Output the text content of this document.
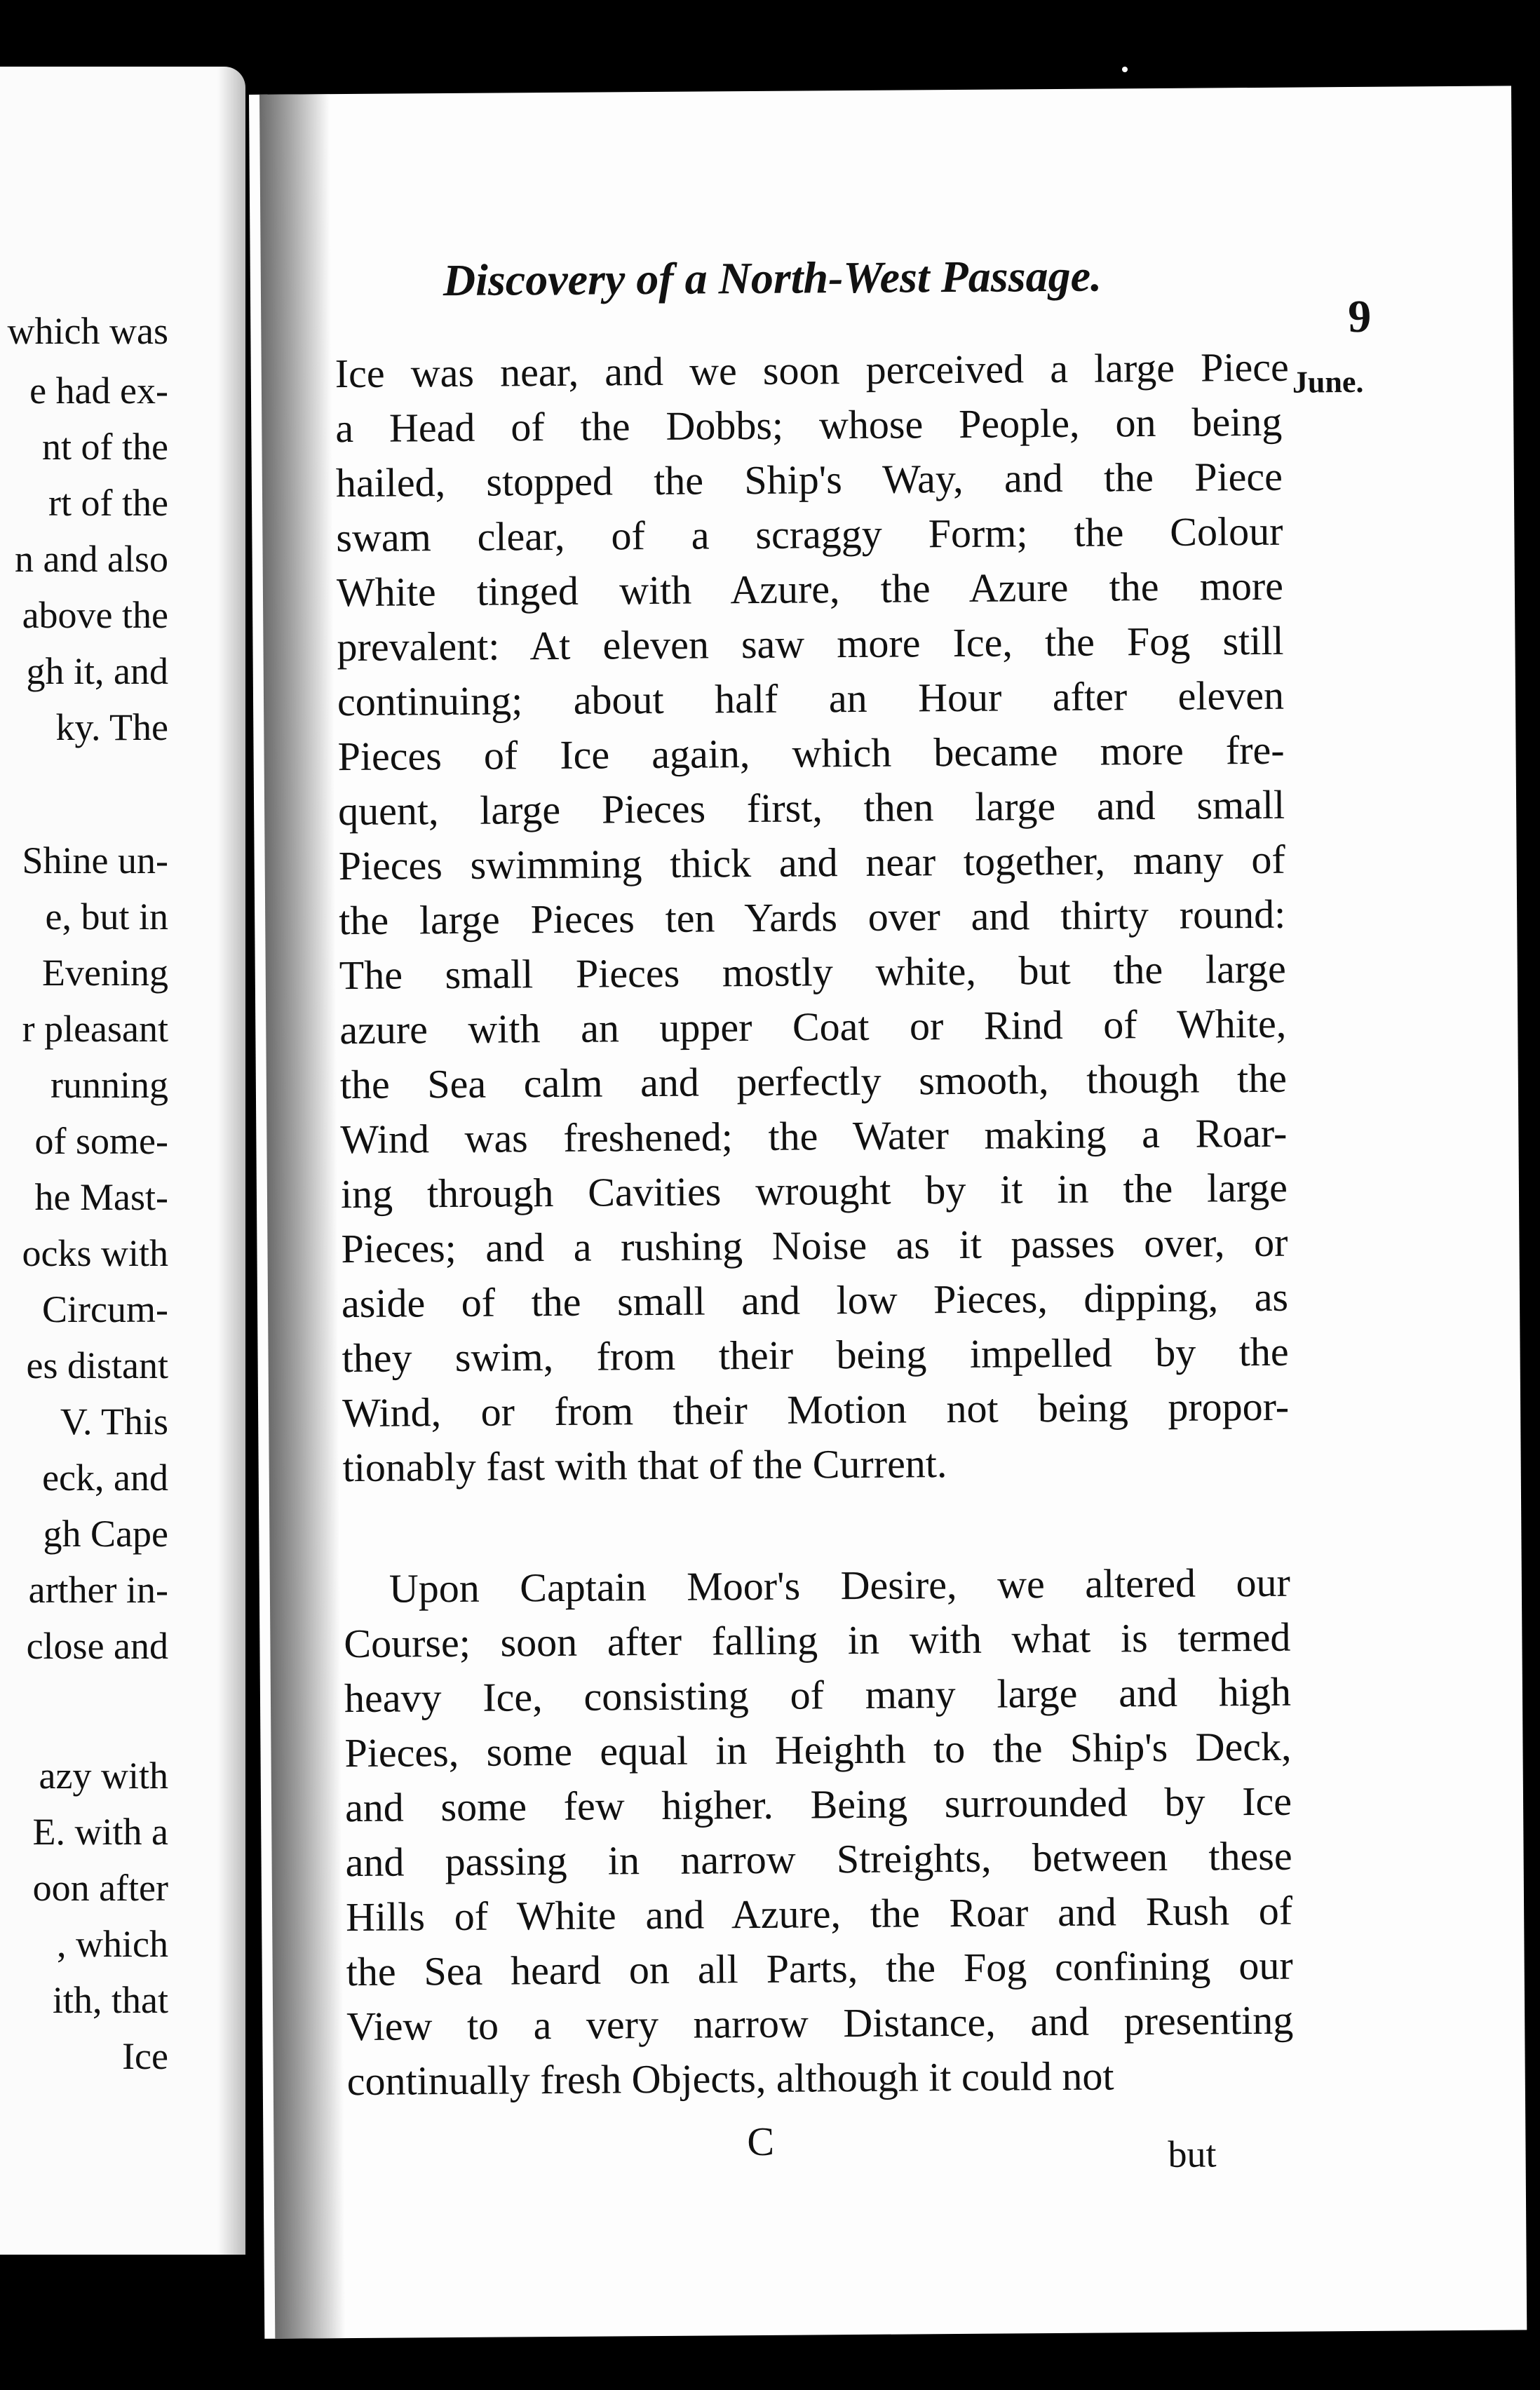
which was
e had ex-
nt of the
rt of the
n and also
above the
gh it, and
ky. The
Shine un-
e, but in
Evening
r pleasant
running
of some-
he Mast-
ocks with
Circum-
es distant
V. This
eck, and
gh Cape
arther in-
close and
azy with
E. with a
oon after
, which
ith, that
Ice
Discovery of a North-West Passage.
9
June.
Ice was near, and we soon perceived a large Piece
a Head of the Dobbs; whose People, on being
hailed, stopped the Ship's Way, and the Piece
swam clear, of a scraggy Form; the Colour
White tinged with Azure, the Azure the more
prevalent: At eleven saw more Ice, the Fog still
continuing; about half an Hour after eleven
Pieces of Ice again, which became more fre-
quent, large Pieces first, then large and small
Pieces swimming thick and near together, many of
the large Pieces ten Yards over and thirty round:
The small Pieces mostly white, but the large
azure with an upper Coat or Rind of White,
the Sea calm and perfectly smooth, though the
Wind was freshened; the Water making a Roar-
ing through Cavities wrought by it in the large
Pieces; and a rushing Noise as it passes over, or
aside of the small and low Pieces, dipping, as
they swim, from their being impelled by the
Wind, or from their Motion not being propor-
tionably fast with that of the Current.
Upon Captain Moor's Desire, we altered our
Course; soon after falling in with what is termed
heavy Ice, consisting of many large and high
Pieces, some equal in Heighth to the Ship's Deck,
and some few higher. Being surrounded by Ice
and passing in narrow Streights, between these
Hills of White and Azure, the Roar and Rush of
the Sea heard on all Parts, the Fog confining our
View to a very narrow Distance, and presenting
continually fresh Objects, although it could not
C	but
